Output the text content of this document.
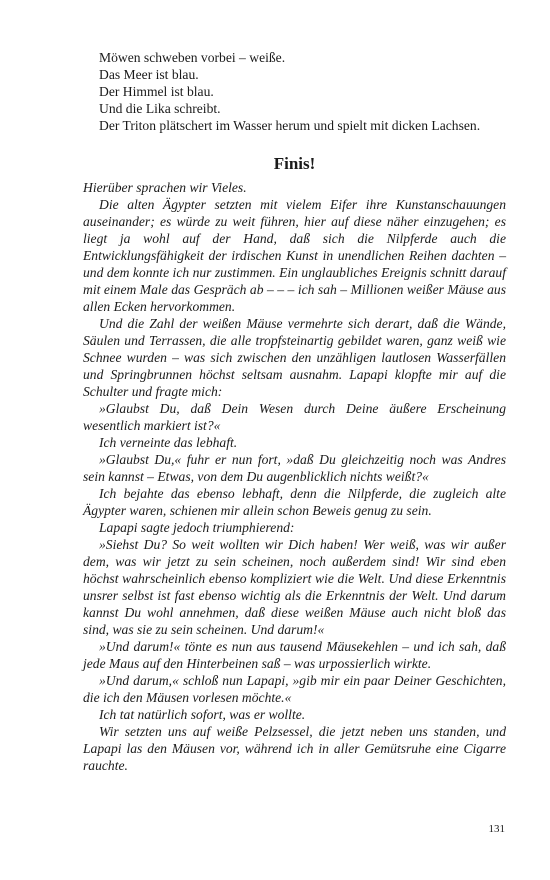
Möwen schweben vorbei – weiße.

Das Meer ist blau.

Der Himmel ist blau.

Und die Lika schreibt.

Der Triton plätschert im Wasser herum und spielt mit dicken Lachsen.

Finis!

Hierüber sprachen wir Vieles.

Die alten Ägypter setzten mit vielem Eifer ihre Kunstanschauungen auseinander; es würde zu weit führen, hier auf diese näher einzugehen; es liegt ja wohl auf der Hand, daß sich die Nilpferde auch die Entwicklungsfähigkeit der irdischen Kunst in unendlichen Reihen dachten – und dem konnte ich nur zustimmen. Ein unglaubliches Ereignis schnitt darauf mit einem Male das Gespräch ab – – – ich sah – Millionen weißer Mäuse aus allen Ecken hervorkommen.

Und die Zahl der weißen Mäuse vermehrte sich derart, daß die Wände, Säulen und Terrassen, die alle tropfsteinartig gebildet waren, ganz weiß wie Schnee wurden – was sich zwischen den unzähligen lautlosen Wasserfällen und Springbrunnen höchst seltsam ausnahm. Lapapi klopfte mir auf die Schulter und fragte mich:

»Glaubst Du, daß Dein Wesen durch Deine äußere Erscheinung wesentlich markiert ist?«

Ich verneinte das lebhaft.

»Glaubst Du,« fuhr er nun fort, »daß Du gleichzeitig noch was Andres sein kannst – Etwas, von dem Du augenblicklich nichts weißt?«

Ich bejahte das ebenso lebhaft, denn die Nilpferde, die zugleich alte Ägypter waren, schienen mir allein schon Beweis genug zu sein.

Lapapi sagte jedoch triumphierend:

»Siehst Du? So weit wollten wir Dich haben! Wer weiß, was wir außer dem, was wir jetzt zu sein scheinen, noch außerdem sind! Wir sind eben höchst wahrscheinlich ebenso kompliziert wie die Welt. Und diese Erkenntnis unsrer selbst ist fast ebenso wichtig als die Erkenntnis der Welt. Und darum kannst Du wohl annehmen, daß diese weißen Mäuse auch nicht bloß das sind, was sie zu sein scheinen. Und darum!«

»Und darum!« tönte es nun aus tausend Mäusekehlen – und ich sah, daß jede Maus auf den Hinterbeinen saß – was urpossierlich wirkte.

»Und darum,« schloß nun Lapapi, »gib mir ein paar Deiner Geschichten, die ich den Mäusen vorlesen möchte.«

Ich tat natürlich sofort, was er wollte.

Wir setzten uns auf weiße Pelzsessel, die jetzt neben uns standen, und Lapapi las den Mäusen vor, während ich in aller Gemütsruhe eine Cigarre rauchte.

131
